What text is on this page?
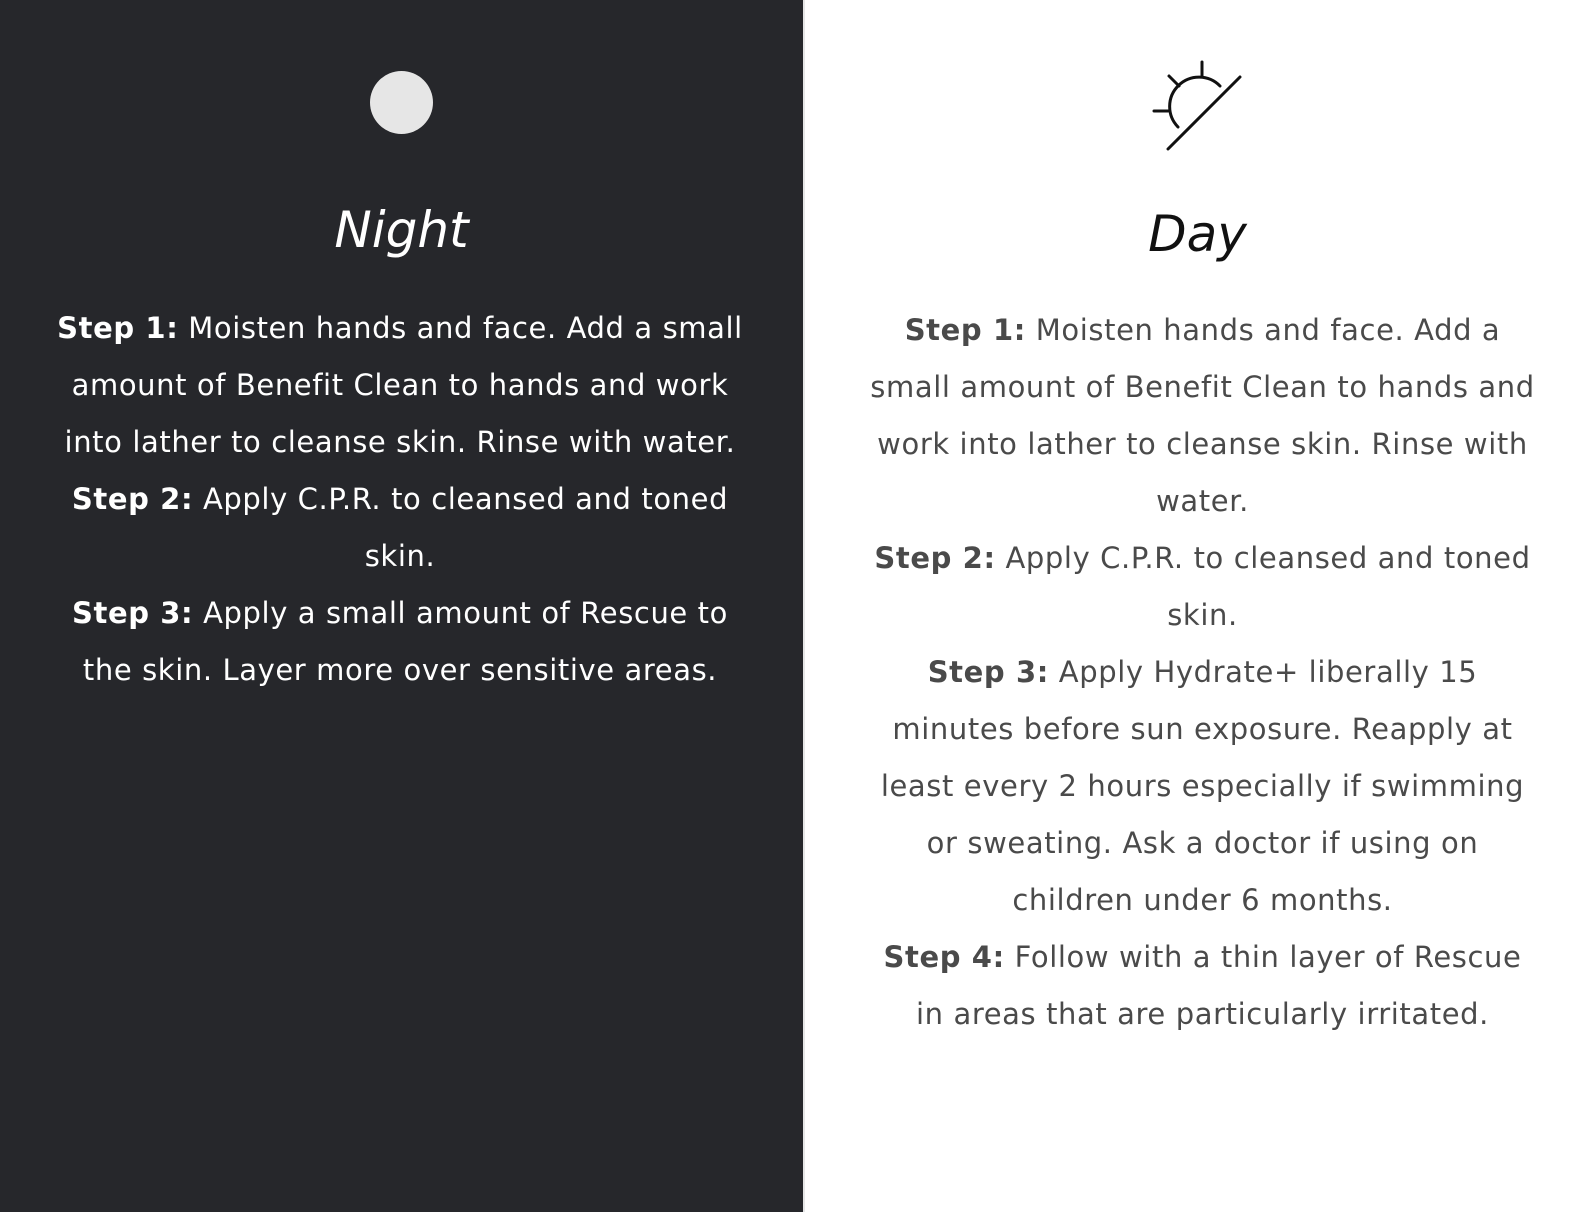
Night
Step 1: Moisten hands and face. Add a small amount of Benefit Clean to hands and work into lather to cleanse skin. Rinse with water.
Step 2: Apply C.P.R. to cleansed and toned skin.
Step 3: Apply a small amount of Rescue to the skin. Layer more over sensitive areas.
Day
Step 1: Moisten hands and face. Add a small amount of Benefit Clean to hands and work into lather to cleanse skin. Rinse with water.
Step 2: Apply C.P.R. to cleansed and toned skin.
Step 3: Apply Hydrate+ liberally 15 minutes before sun exposure. Reapply at least every 2 hours especially if swimming or sweating. Ask a doctor if using on children under 6 months.
Step 4: Follow with a thin layer of Rescue in areas that are particularly irritated.
